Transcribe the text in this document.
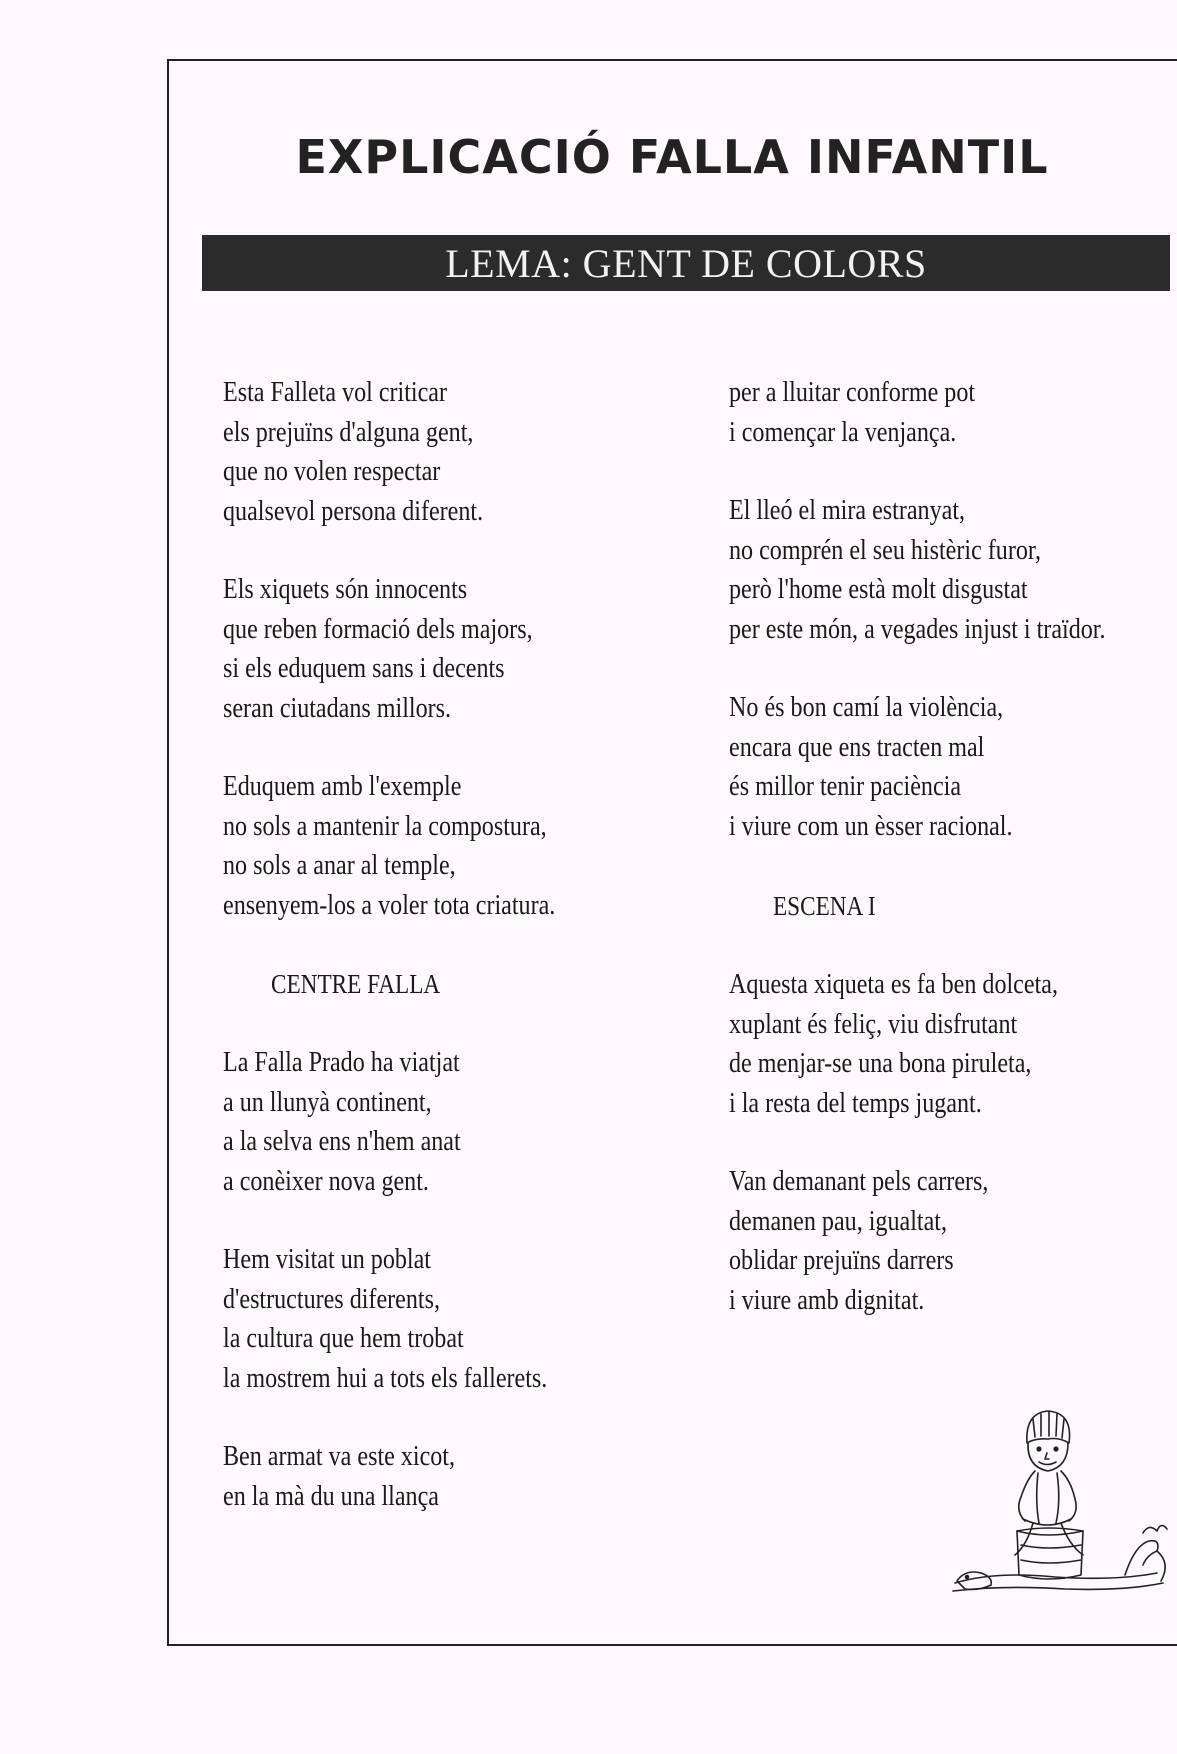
EXPLICACIÓ FALLA INFANTIL
LEMA: GENT DE COLORS
Esta Falleta vol criticar
els prejuïns d'alguna gent,
que no volen respectar
qualsevol persona diferent.
Els xiquets són innocents
que reben formació dels majors,
si els eduquem sans i decents
seran ciutadans millors.
Eduquem amb l'exemple
no sols a mantenir la compostura,
no sols a anar al temple,
ensenyem-los a voler tota criatura.
CENTRE FALLA
La Falla Prado ha viatjat
a un llunyà continent,
a la selva ens n'hem anat
a conèixer nova gent.
Hem visitat un poblat
d'estructures diferents,
la cultura que hem trobat
la mostrem hui a tots els fallerets.
Ben armat va este xicot,
en la mà du una llança
per a lluitar conforme pot
i començar la venjança.
El lleó el mira estranyat,
no comprén el seu histèric furor,
però l'home està molt disgustat
per este món, a vegades injust i traïdor.
No és bon camí la violència,
encara que ens tracten mal
és millor tenir paciència
i viure com un èsser racional.
ESCENA I
Aquesta xiqueta es fa ben dolceta,
xuplant és feliç, viu disfrutant
de menjar-se una bona piruleta,
i la resta del temps jugant.
Van demanant pels carrers,
demanen pau, igualtat,
oblidar prejuïns darrers
i viure amb dignitat.
